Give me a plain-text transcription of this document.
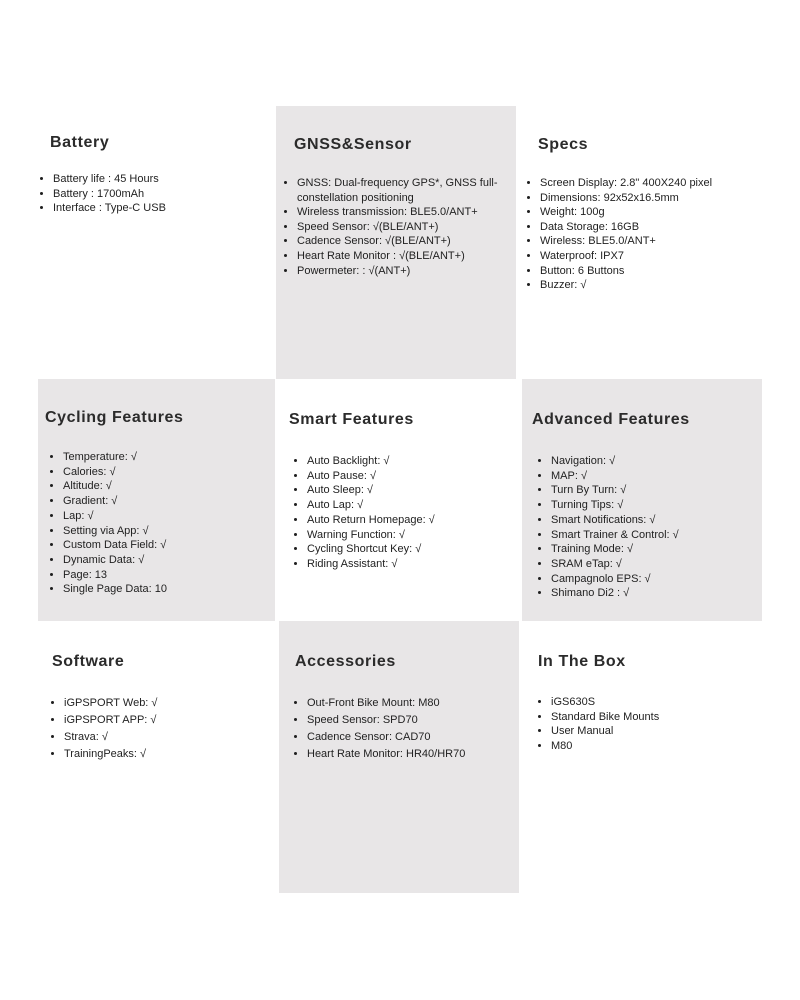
Battery
• Battery life : 45 Hours
• Battery : 1700mAh
• Interface : Type-C USB
GNSS&Sensor
• GNSS: Dual-frequency GPS*, GNSS full-constellation positioning
• Wireless transmission: BLE5.0/ANT+
• Speed Sensor: √(BLE/ANT+)
• Cadence Sensor: √(BLE/ANT+)
• Heart Rate Monitor : √(BLE/ANT+)
• Powermeter: : √(ANT+)
Specs
• Screen Display: 2.8" 400X240 pixel
• Dimensions: 92x52x16.5mm
• Weight: 100g
• Data Storage: 16GB
• Wireless: BLE5.0/ANT+
• Waterproof: IPX7
• Button: 6 Buttons
• Buzzer: √
Cycling Features
• Temperature: √
• Calories: √
• Altitude: √
• Gradient: √
• Lap: √
• Setting via App: √
• Custom Data Field: √
• Dynamic Data: √
• Page: 13
• Single Page Data: 10
Smart Features
• Auto Backlight: √
• Auto Pause: √
• Auto Sleep: √
• Auto Lap: √
• Auto Return Homepage: √
• Warning Function: √
• Cycling Shortcut Key: √
• Riding Assistant: √
Advanced Features
• Navigation: √
• MAP: √
• Turn By Turn: √
• Turning Tips: √
• Smart Notifications: √
• Smart Trainer & Control: √
• Training Mode: √
• SRAM eTap: √
• Campagnolo EPS: √
• Shimano Di2 : √
Software
• iGPSPORT Web: √
• iGPSPORT APP: √
• Strava: √
• TrainingPeaks: √
Accessories
• Out-Front Bike Mount: M80
• Speed Sensor: SPD70
• Cadence Sensor: CAD70
• Heart Rate Monitor: HR40/HR70
In The Box
• iGS630S
• Standard Bike Mounts
• User Manual
• M80
